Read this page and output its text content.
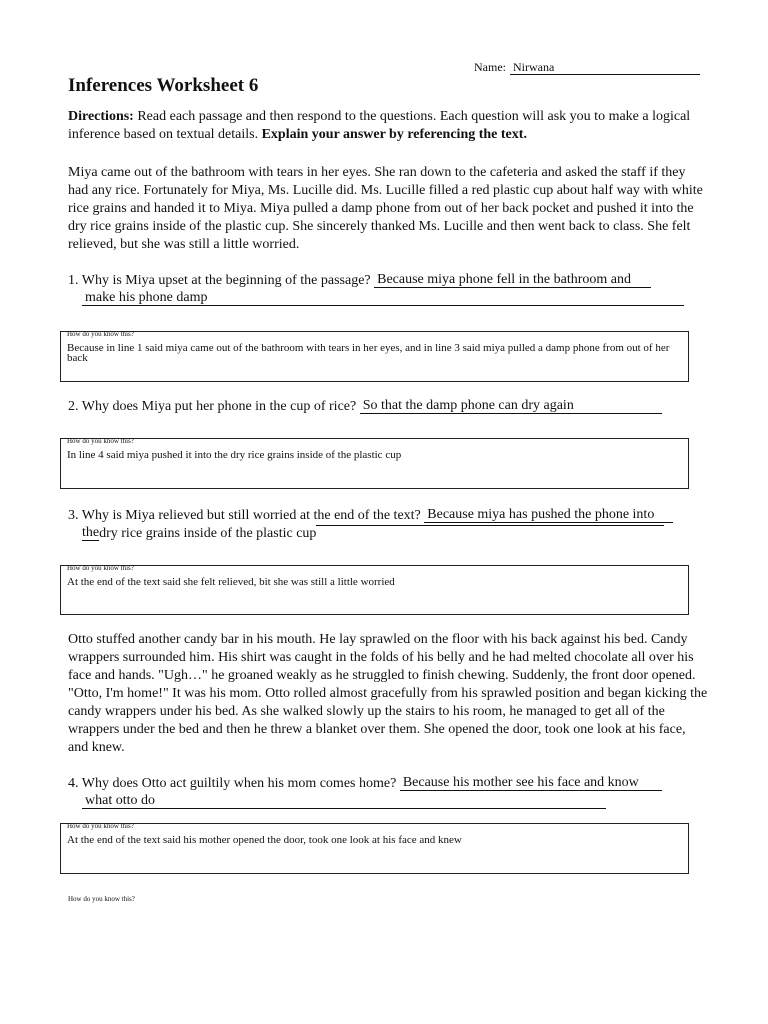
Name: Nirwana
Inferences Worksheet 6
Directions: Read each passage and then respond to the questions. Each question will ask you to make a logical inference based on textual details. Explain your answer by referencing the text.

Miya came out of the bathroom with tears in her eyes. She ran down to the cafeteria and asked the staff if they had any rice. Fortunately for Miya, Ms. Lucille did. Ms. Lucille filled a red plastic cup about half way with white rice grains and handed it to Miya. Miya pulled a damp phone from out of her back pocket and pushed it into the dry rice grains inside of the plastic cup. She sincerely thanked Ms. Lucille and then went back to class. She felt relieved, but she was still a little worried.

1. Why is Miya upset at the beginning of the passage? Because miya phone fell in the bathroom and
make his phone damp
How do you know this?
Because in line 1 said miya came out of the bathroom with tears in her eyes, and in line 3 said miya pulled a damp phone from out of her back
2. Why does Miya put her phone in the cup of rice? So that the damp phone can dry again
How do you know this?
In line 4 said miya pushed it into the dry rice grains inside of the plastic cup
3. Why is Miya relieved but still worried at the end of the text? Because miya has pushed the phone into
thedry rice grains inside of the plastic cup
How do you know this?
At the end of the text said she felt relieved, bit she was still a little worried

Otto stuffed another candy bar in his mouth. He lay sprawled on the floor with his back against his bed. Candy wrappers surrounded him. His shirt was caught in the folds of his belly and he had melted chocolate all over his face and hands. "Ugh…" he groaned weakly as he struggled to finish chewing. Suddenly, the front door opened. "Otto, I'm home!" It was his mom. Otto rolled almost gracefully from his sprawled position and began kicking the candy wrappers under his bed. As she walked slowly up the stairs to his room, he managed to get all of the wrappers under the bed and then he threw a blanket over them. She opened the door, took one look at his face, and knew.

4. Why does Otto act guiltily when his mom comes home? Because his mother see his face and know
what otto do
How do you know this?
At the end of the text said his mother opened the door, took one look at his face and knew
How do you know this?
